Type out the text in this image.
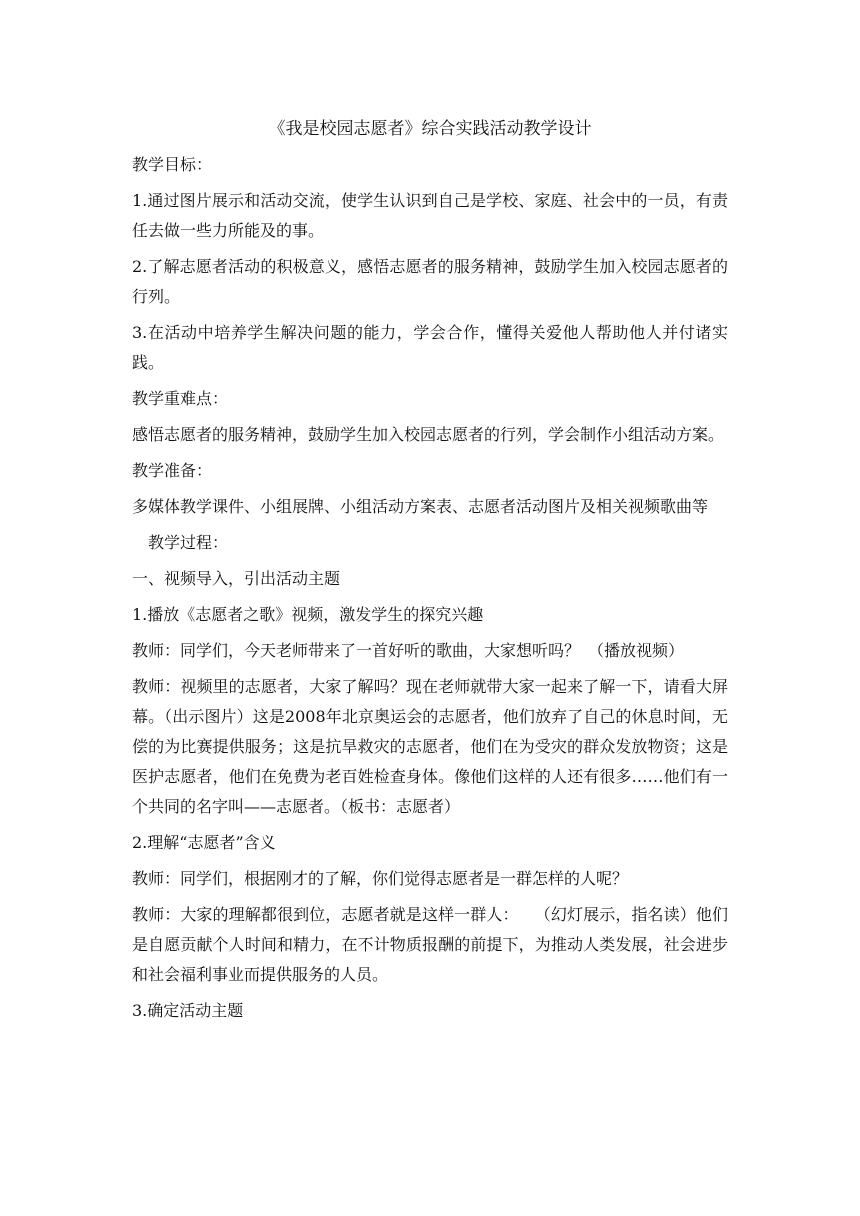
《我是校园志愿者》综合实践活动教学设计
教学目标：
1.通过图片展示和活动交流，使学生认识到自己是学校、家庭、社会中的一员，有责任去做一些力所能及的事。
2.了解志愿者活动的积极意义，感悟志愿者的服务精神，鼓励学生加入校园志愿者的行列。
3.在活动中培养学生解决问题的能力，学会合作，懂得关爱他人帮助他人并付诸实践。
教学重难点：
感悟志愿者的服务精神，鼓励学生加入校园志愿者的行列，学会制作小组活动方案。
教学准备：
多媒体教学课件、小组展牌、小组活动方案表、志愿者活动图片及相关视频歌曲等
教学过程：
一、视频导入，引出活动主题
1.播放《志愿者之歌》视频，激发学生的探究兴趣
教师：同学们，今天老师带来了一首好听的歌曲，大家想听吗？　（播放视频）
教师：视频里的志愿者，大家了解吗？现在老师就带大家一起来了解一下，请看大屏幕。（出示图片）这是2008年北京奥运会的志愿者，他们放弃了自己的休息时间，无偿的为比赛提供服务；这是抗旱救灾的志愿者，他们在为受灾的群众发放物资；这是医护志愿者，他们在免费为老百姓检查身体。像他们这样的人还有很多……他们有一个共同的名字叫——志愿者。（板书：志愿者）
2.理解“志愿者”含义
教师：同学们，根据刚才的了解，你们觉得志愿者是一群怎样的人呢？
教师：大家的理解都很到位，志愿者就是这样一群人：　　（幻灯展示，指名读）他们是自愿贡献个人时间和精力，在不计物质报酬的前提下，为推动人类发展，社会进步和社会福利事业而提供服务的人员。
3.确定活动主题
